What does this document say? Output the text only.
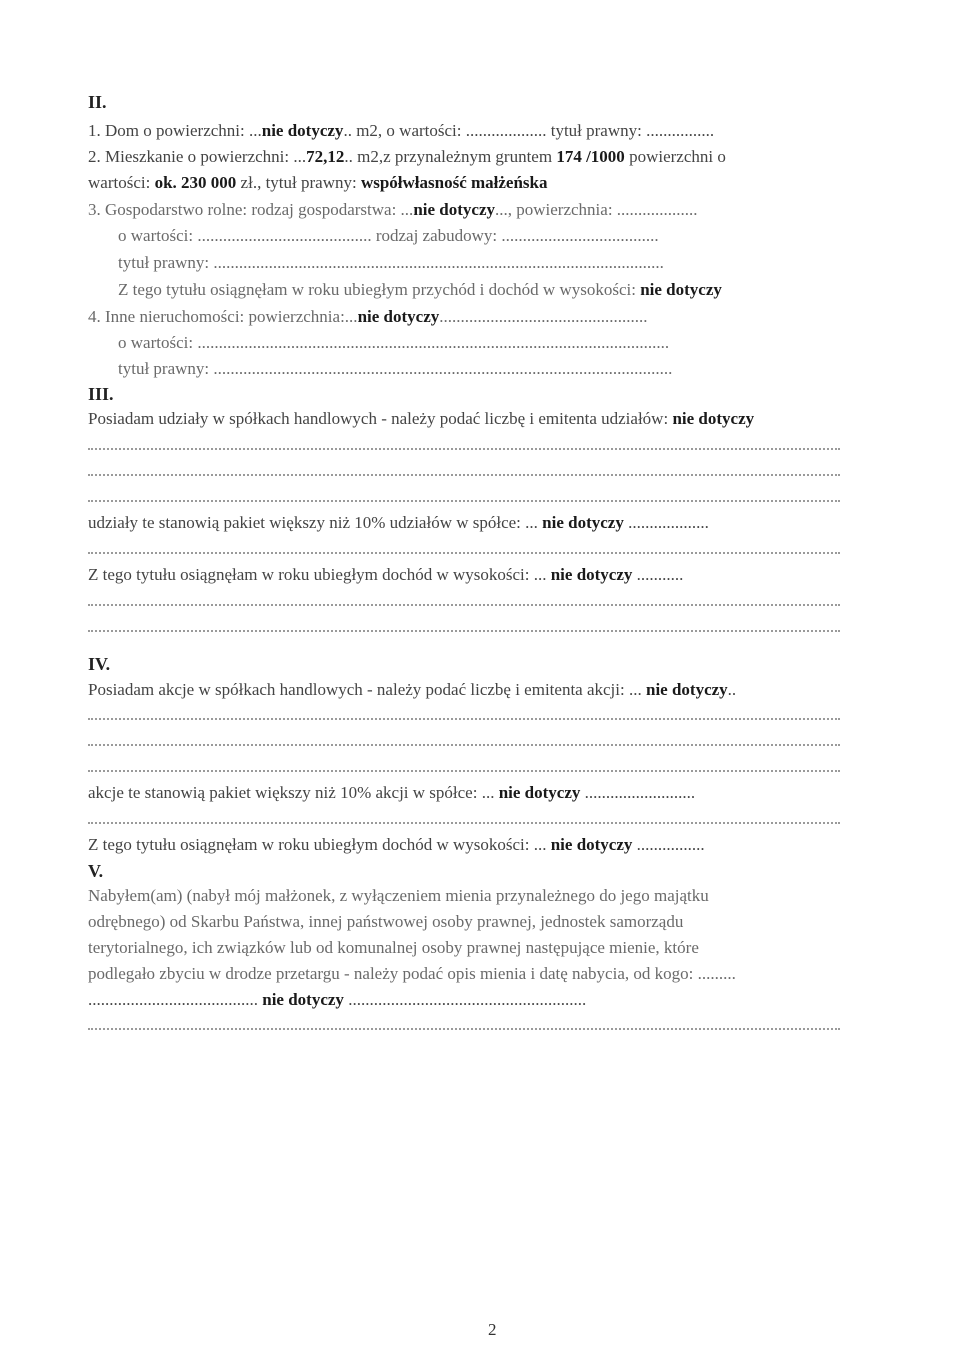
II.
1. Dom o powierzchni: ...nie dotyczy.. m2, o wartości: ................... tytuł prawny: ................
2. Mieszkanie o powierzchni: ...72,12.. m2,z przynależnym gruntem 174 /1000 powierzchni o
wartości: ok. 230 000 zł., tytuł prawny: współwłasność małżeńska
3. Gospodarstwo rolne: rodzaj gospodarstwa: ...nie dotyczy..., powierzchnia: ...................
o wartości: ......................................... rodzaj zabudowy: .....................................
tytuł prawny: ..........................................................................................................
Z tego tytułu osiągnęłam w roku ubiegłym przychód i dochód w wysokości: nie dotyczy
4. Inne nieruchomości: powierzchnia:...nie dotyczy.................................................
o wartości: ...............................................................................................................
tytuł prawny: ............................................................................................................
III.
Posiadam udziały w spółkach handlowych - należy podać liczbę i emitenta udziałów: nie dotyczy
udziały te stanowią pakiet większy niż 10% udziałów w spółce: ... nie dotyczy ...................
Z tego tytułu osiągnęłam w roku ubiegłym dochód w wysokości: ... nie dotyczy ...........
IV.
Posiadam akcje w spółkach handlowych - należy podać liczbę i emitenta akcji: ... nie dotyczy..
akcje te stanowią pakiet większy niż 10% akcji w spółce: ... nie dotyczy ..........................
Z tego tytułu osiągnęłam w roku ubiegłym dochód w wysokości: ... nie dotyczy ................
V.
Nabyłem(am) (nabył mój małżonek, z wyłączeniem mienia przynależnego do jego majątku
odrębnego) od Skarbu Państwa, innej państwowej osoby prawnej, jednostek samorządu
terytorialnego, ich związków lub od komunalnej osoby prawnej następujące mienie, które
podlegało zbyciu w drodze przetargu - należy podać opis mienia i datę nabycia, od kogo: .........
........................................ nie dotyczy ........................................................
2
